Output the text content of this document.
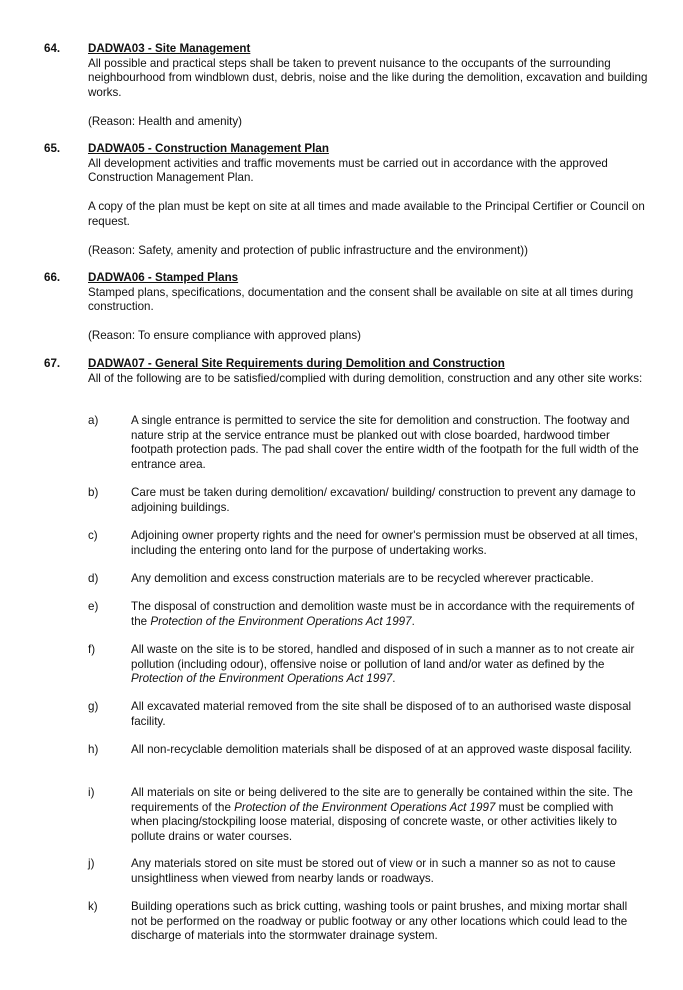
64. DADWA03 - Site Management

All possible and practical steps shall be taken to prevent nuisance to the occupants of the surrounding neighbourhood from windblown dust, debris, noise and the like during the demolition, excavation and building works.

(Reason: Health and amenity)

65. DADWA05 - Construction Management Plan

All development activities and traffic movements must be carried out in accordance with the approved Construction Management Plan.

A copy of the plan must be kept on site at all times and made available to the Principal Certifier or Council on request.

(Reason: Safety, amenity and protection of public infrastructure and the environment))

66. DADWA06 - Stamped Plans

Stamped plans, specifications, documentation and the consent shall be available on site at all times during construction.

(Reason: To ensure compliance with approved plans)

67. DADWA07 - General Site Requirements during Demolition and Construction

All of the following are to be satisfied/complied with during demolition, construction and any other site works:

a)	A single entrance is permitted to service the site for demolition and construction. The footway and nature strip at the service entrance must be planked out with close boarded, hardwood timber footpath protection pads. The pad shall cover the entire width of the footpath for the full width of the entrance area.
b)	Care must be taken during demolition/ excavation/ building/ construction to prevent any damage to adjoining buildings.
c)	Adjoining owner property rights and the need for owner's permission must be observed at all times, including the entering onto land for the purpose of undertaking works.
d)	Any demolition and excess construction materials are to be recycled wherever practicable.
e)	The disposal of construction and demolition waste must be in accordance with the requirements of the Protection of the Environment Operations Act 1997.
f)	All waste on the site is to be stored, handled and disposed of in such a manner as to not create air pollution (including odour), offensive noise or pollution of land and/or water as defined by the Protection of the Environment Operations Act 1997.
g)	All excavated material removed from the site shall be disposed of to an authorised waste disposal facility.
h)	All non-recyclable demolition materials shall be disposed of at an approved waste disposal facility.
i)	All materials on site or being delivered to the site are to generally be contained within the site. The requirements of the Protection of the Environment Operations Act 1997 must be complied with when placing/stockpiling loose material, disposing of concrete waste, or other activities likely to pollute drains or water courses.
j)	Any materials stored on site must be stored out of view or in such a manner so as not to cause unsightliness when viewed from nearby lands or roadways.
k)	Building operations such as brick cutting, washing tools or paint brushes, and mixing mortar shall not be performed on the roadway or public footway or any other locations which could lead to the discharge of materials into the stormwater drainage system.
